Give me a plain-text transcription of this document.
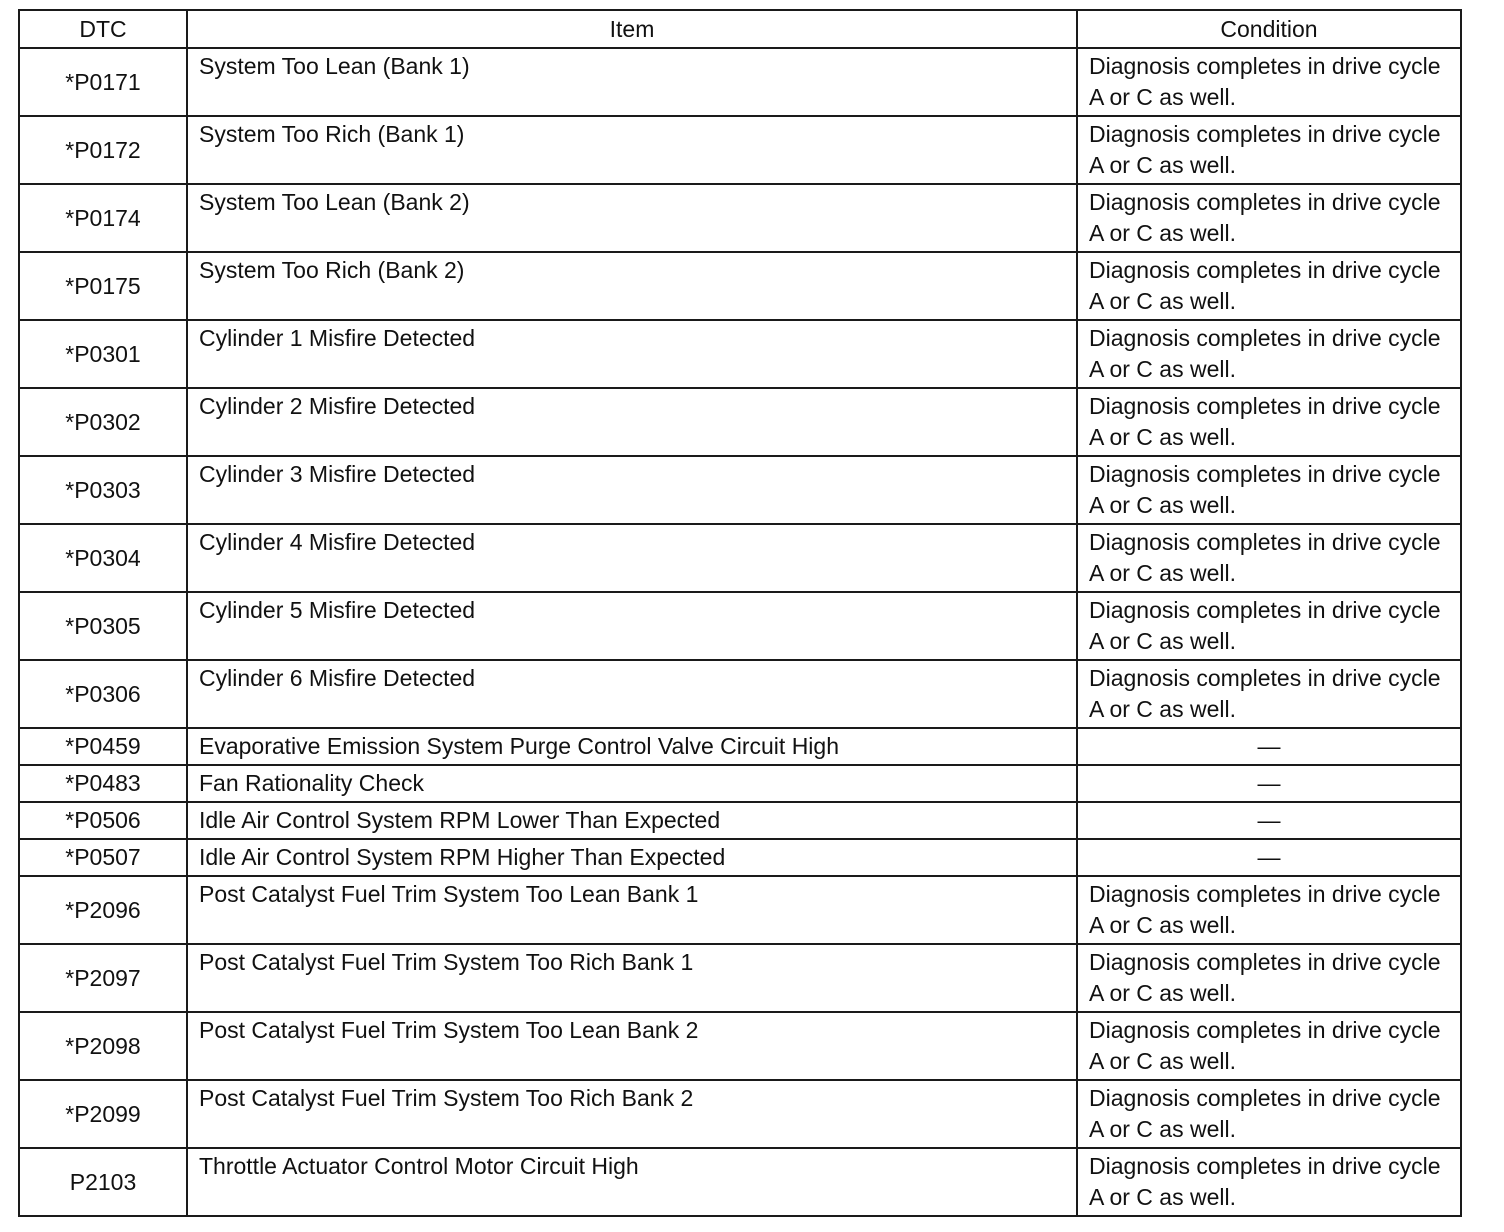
DTC	Item	Condition
*P0171	System Too Lean (Bank 1)	Diagnosis completes in drive cycle A or C as well.
*P0172	System Too Rich (Bank 1)	Diagnosis completes in drive cycle A or C as well.
*P0174	System Too Lean (Bank 2)	Diagnosis completes in drive cycle A or C as well.
*P0175	System Too Rich (Bank 2)	Diagnosis completes in drive cycle A or C as well.
*P0301	Cylinder 1 Misfire Detected	Diagnosis completes in drive cycle A or C as well.
*P0302	Cylinder 2 Misfire Detected	Diagnosis completes in drive cycle A or C as well.
*P0303	Cylinder 3 Misfire Detected	Diagnosis completes in drive cycle A or C as well.
*P0304	Cylinder 4 Misfire Detected	Diagnosis completes in drive cycle A or C as well.
*P0305	Cylinder 5 Misfire Detected	Diagnosis completes in drive cycle A or C as well.
*P0306	Cylinder 6 Misfire Detected	Diagnosis completes in drive cycle A or C as well.
*P0459	Evaporative Emission System Purge Control Valve Circuit High	—
*P0483	Fan Rationality Check	—
*P0506	Idle Air Control System RPM Lower Than Expected	—
*P0507	Idle Air Control System RPM Higher Than Expected	—
*P2096	Post Catalyst Fuel Trim System Too Lean Bank 1	Diagnosis completes in drive cycle A or C as well.
*P2097	Post Catalyst Fuel Trim System Too Rich Bank 1	Diagnosis completes in drive cycle A or C as well.
*P2098	Post Catalyst Fuel Trim System Too Lean Bank 2	Diagnosis completes in drive cycle A or C as well.
*P2099	Post Catalyst Fuel Trim System Too Rich Bank 2	Diagnosis completes in drive cycle A or C as well.
P2103	Throttle Actuator Control Motor Circuit High	Diagnosis completes in drive cycle A or C as well.
